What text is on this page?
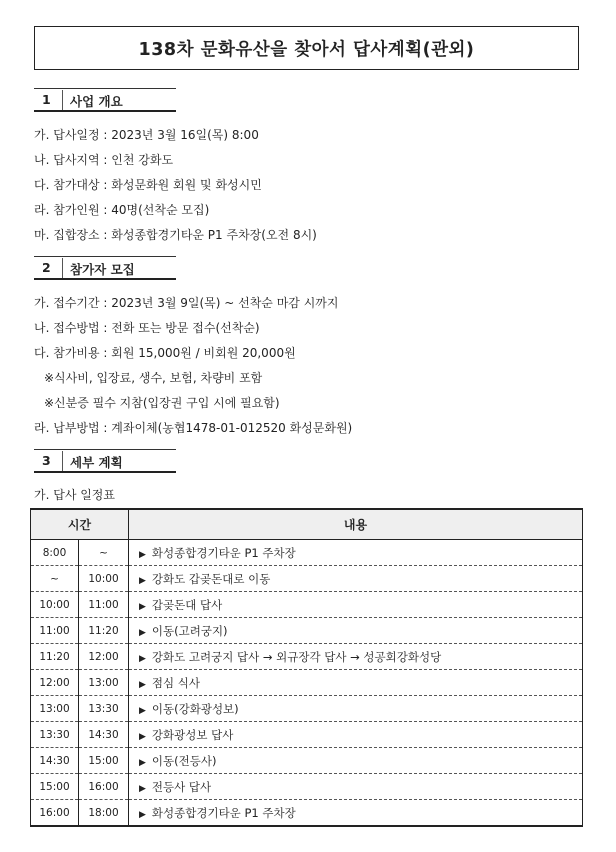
138차 문화유산을 찾아서 답사계획(관외)
1 사업 개요
가. 답사일정 : 2023년 3월 16일(목) 8:00
나. 답사지역 : 인천 강화도
다. 참가대상 : 화성문화원 회원 및 화성시민
라. 참가인원 : 40명(선착순 모집)
마. 집합장소 : 화성종합경기타운 P1 주차장(오전 8시)
2 참가자 모집
가. 접수기간 : 2023년 3월 9일(목) ~ 선착순 마감 시까지
나. 접수방법 : 전화 또는 방문 접수(선착순)
다. 참가비용 : 회원 15,000원 / 비회원 20,000원
※식사비, 입장료, 생수, 보험, 차량비 포함
※신분증 필수 지참(입장권 구입 시에 필요함)
라. 납부방법 : 계좌이체(농협1478-01-012520 화성문화원)
3 세부 계획
가. 답사 일정표
시간		내용
8:00	~	▶ 화성종합경기타운 P1 주차장
~	10:00	▶ 강화도 갑곶돈대로 이동
10:00	11:00	▶ 갑곶돈대 답사
11:00	11:20	▶ 이동(고려궁지)
11:20	12:00	▶ 강화도 고려궁지 답사 → 외규장각 답사 → 성공회강화성당
12:00	13:00	▶ 점심 식사
13:00	13:30	▶ 이동(강화광성보)
13:30	14:30	▶ 강화광성보 답사
14:30	15:00	▶ 이동(전등사)
15:00	16:00	▶ 전등사 답사
16:00	18:00	▶ 화성종합경기타운 P1 주차장
